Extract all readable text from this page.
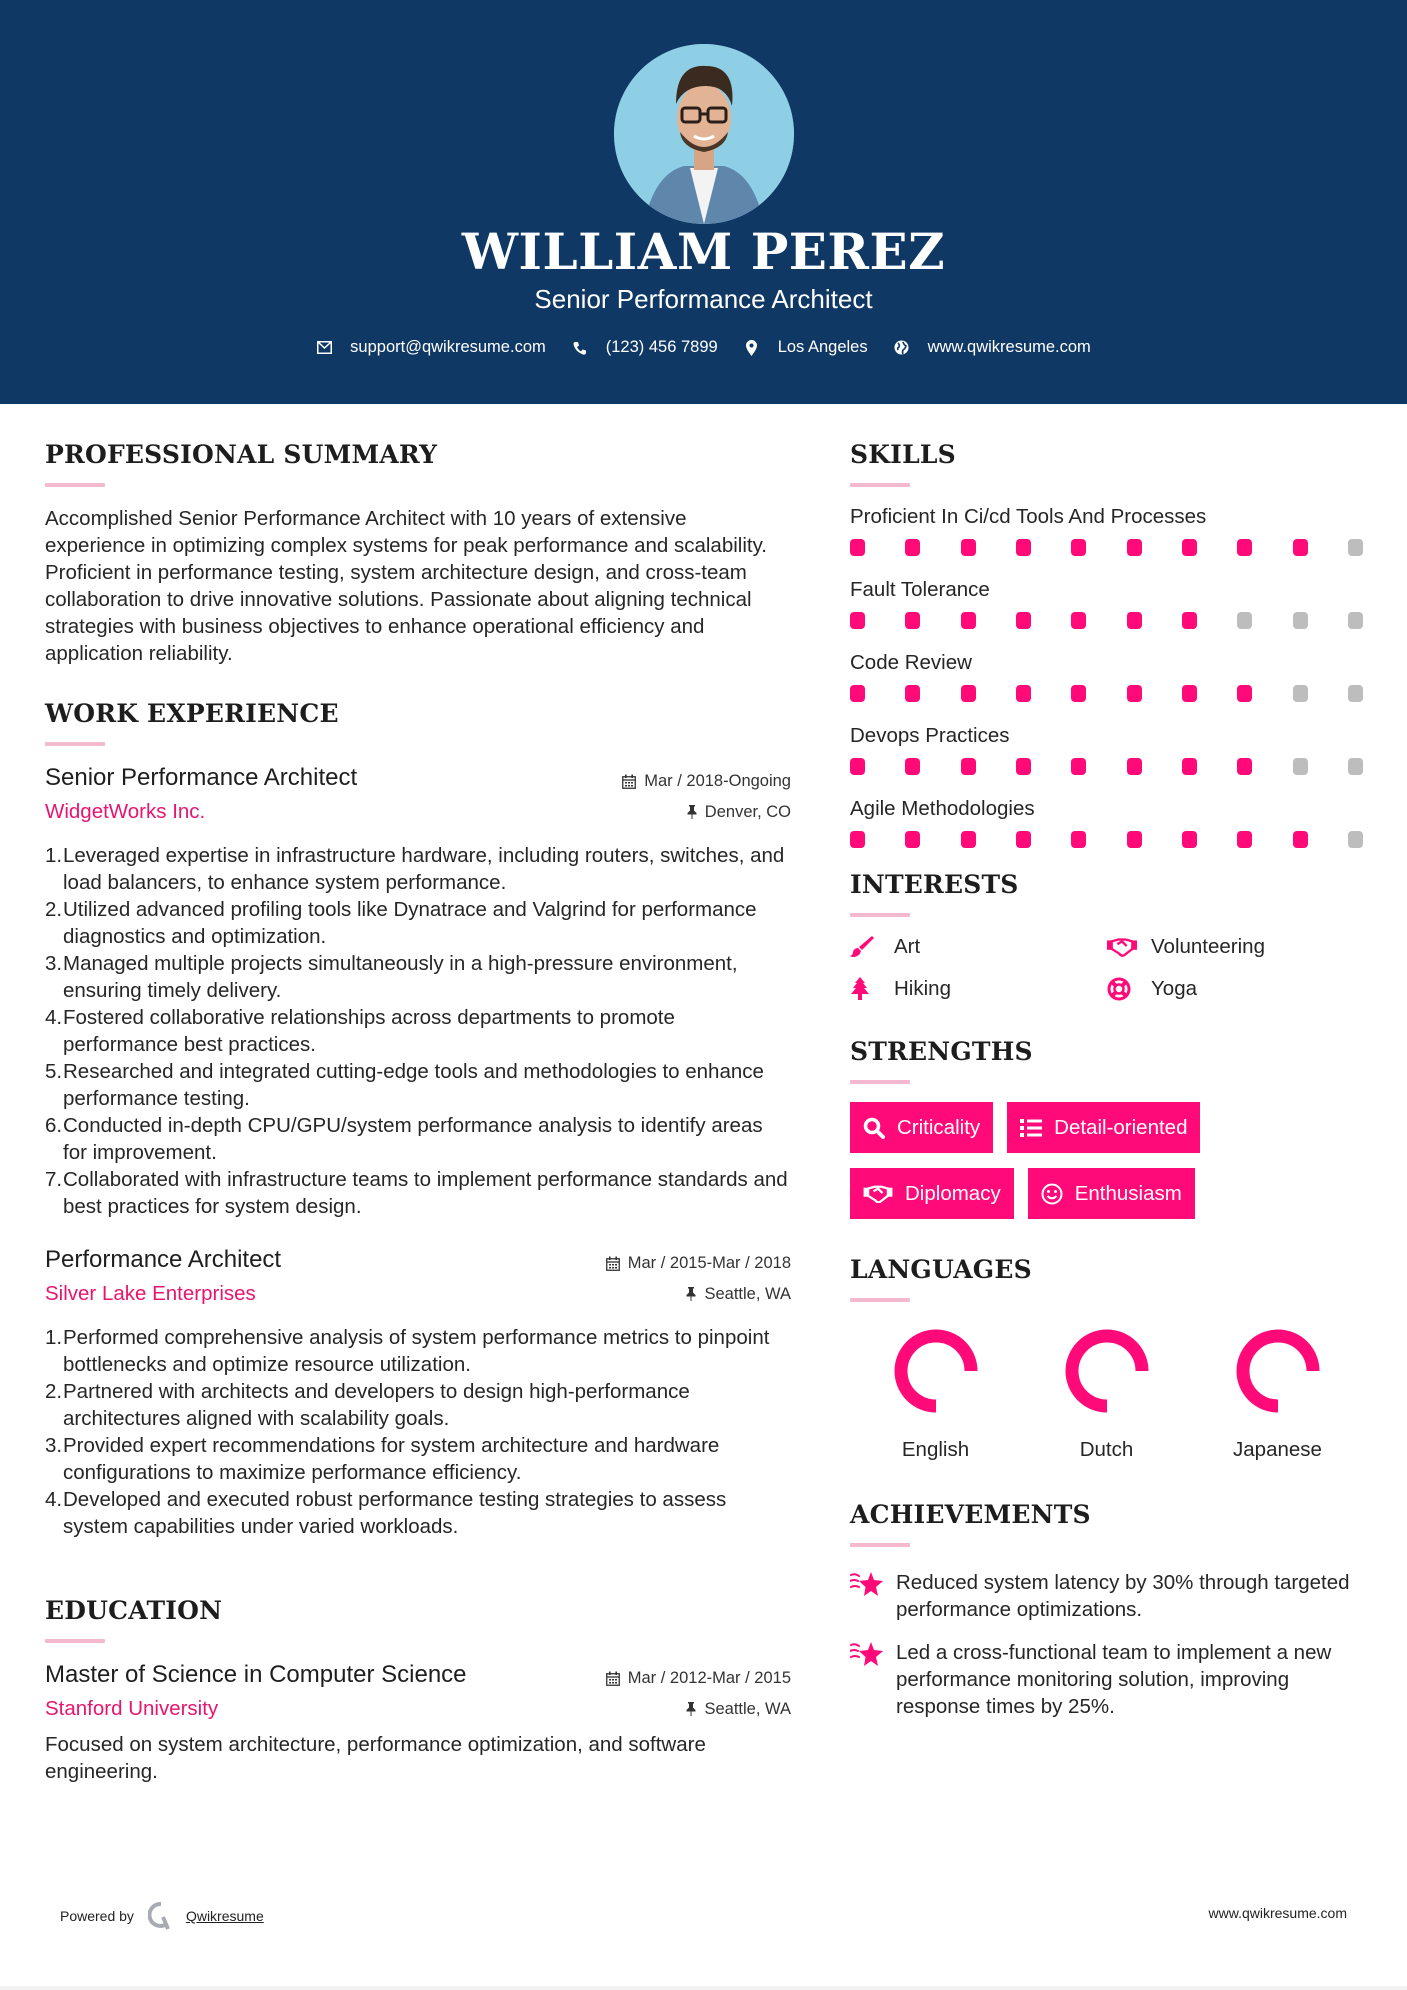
WILLIAM PEREZ
Senior Performance Architect
support@qwikresume.com	(123) 456 7899	Los Angeles	www.qwikresume.com
PROFESSIONAL SUMMARY

Accomplished Senior Performance Architect with 10 years of extensive experience in optimizing complex systems for peak performance and scalability. Proficient in performance testing, system architecture design, and cross-team collaboration to drive innovative solutions. Passionate about aligning technical strategies with business objectives to enhance operational efficiency and application reliability.

WORK EXPERIENCE
Senior Performance Architect	Mar / 2018-Ongoing
WidgetWorks Inc.	Denver, CO
1. Leveraged expertise in infrastructure hardware, including routers, switches, and load balancers, to enhance system performance.
2. Utilized advanced profiling tools like Dynatrace and Valgrind for performance diagnostics and optimization.
3. Managed multiple projects simultaneously in a high-pressure environment, ensuring timely delivery.
4. Fostered collaborative relationships across departments to promote performance best practices.
5. Researched and integrated cutting-edge tools and methodologies to enhance performance testing.
6. Conducted in-depth CPU/GPU/system performance analysis to identify areas for improvement.
7. Collaborated with infrastructure teams to implement performance standards and best practices for system design.
Performance Architect	Mar / 2015-Mar / 2018
Silver Lake Enterprises	Seattle, WA
1. Performed comprehensive analysis of system performance metrics to pinpoint bottlenecks and optimize resource utilization.
2. Partnered with architects and developers to design high-performance architectures aligned with scalability goals.
3. Provided expert recommendations for system architecture and hardware configurations to maximize performance efficiency.
4. Developed and executed robust performance testing strategies to assess system capabilities under varied workloads.
EDUCATION
Master of Science in Computer Science	Mar / 2012-Mar / 2015
Stanford University	Seattle, WA

Focused on system architecture, performance optimization, and software engineering.

SKILLS
Proficient In Ci/cd Tools And Processes
Fault Tolerance
Code Review
Devops Practices
Agile Methodologies
INTERESTS
Art	Volunteering
Hiking	Yoga
STRENGTHS
Criticality	Detail-oriented
Diplomacy	Enthusiasm
LANGUAGES
English	Dutch	Japanese
ACHIEVEMENTS
Reduced system latency by 30% through targeted performance optimizations.
Led a cross-functional team to implement a new performance monitoring solution, improving response times by 25%.
Powered by	Qwikresume	www.qwikresume.com
